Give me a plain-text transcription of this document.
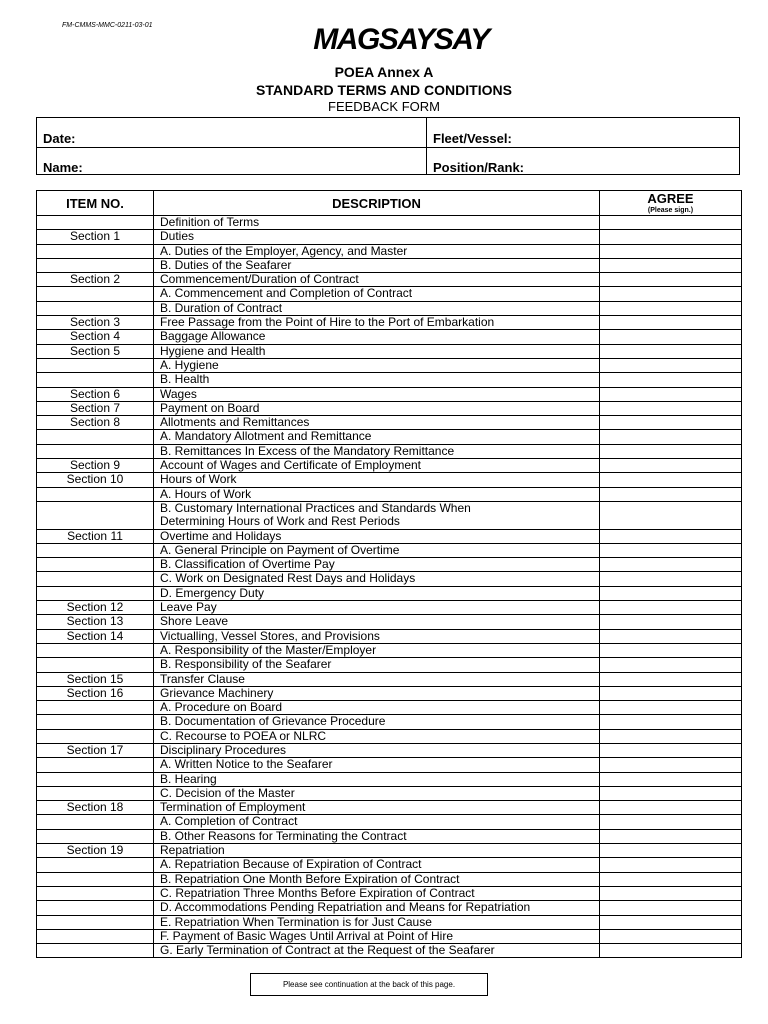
FM-CMMS-MMC-0211-03-01	MAGSAYSAY
POEA Annex A
STANDARD TERMS AND CONDITIONS
FEEDBACK FORM
Date:	Fleet/Vessel:
Name:	Position/Rank:
ITEM NO.	DESCRIPTION	AGREE
(Please sign.)

	Definition of Terms	
Section 1	Duties	
	A. Duties of the Employer, Agency, and Master	
	B. Duties of the Seafarer	
Section 2	Commencement/Duration of Contract	
	A. Commencement and Completion of Contract	
	B. Duration of Contract	
Section 3	Free Passage from the Point of Hire to the Port of Embarkation	
Section 4	Baggage Allowance	
Section 5	Hygiene and Health	
	A. Hygiene	
	B. Health	
Section 6	Wages	
Section 7	Payment on Board	
Section 8	Allotments and Remittances	
	A. Mandatory Allotment and Remittance	
	B. Remittances In Excess of the Mandatory Remittance	
Section 9	Account of Wages and Certificate of Employment	
Section 10	Hours of Work	
	A. Hours of Work	

	B. Customary International Practices and Standards When
Determining Hours of Work and Rest Periods	

Section 11	Overtime and Holidays	
	A. General Principle on Payment of Overtime	
	B. Classification of Overtime Pay	
	C. Work on Designated Rest Days and Holidays	
	D. Emergency Duty	
Section 12	Leave Pay	
Section 13	Shore Leave	
Section 14	Victualling, Vessel Stores, and Provisions	
	A. Responsibility of the Master/Employer	
	B. Responsibility of the Seafarer	
Section 15	Transfer Clause	
Section 16	Grievance Machinery	
	A. Procedure on Board	
	B. Documentation of Grievance Procedure	
	C. Recourse to POEA or NLRC	
Section 17	Disciplinary Procedures	
	A. Written Notice to the Seafarer	
	B. Hearing	
	C. Decision of the Master	
Section 18	Termination of Employment	
	A. Completion of Contract	
	B. Other Reasons for Terminating the Contract	
Section 19	Repatriation	
	A. Repatriation Because of Expiration of Contract	
	B. Repatriation One Month Before Expiration of Contract	
	C. Repatriation Three Months Before Expiration of Contract	
	D. Accommodations Pending Repatriation and Means for Repatriation	
	E. Repatriation When Termination is for Just Cause	
	F. Payment of Basic Wages Until Arrival at Point of Hire	
	G. Early Termination of Contract at the Request of the Seafarer	
Please see continuation at the back of this page.
